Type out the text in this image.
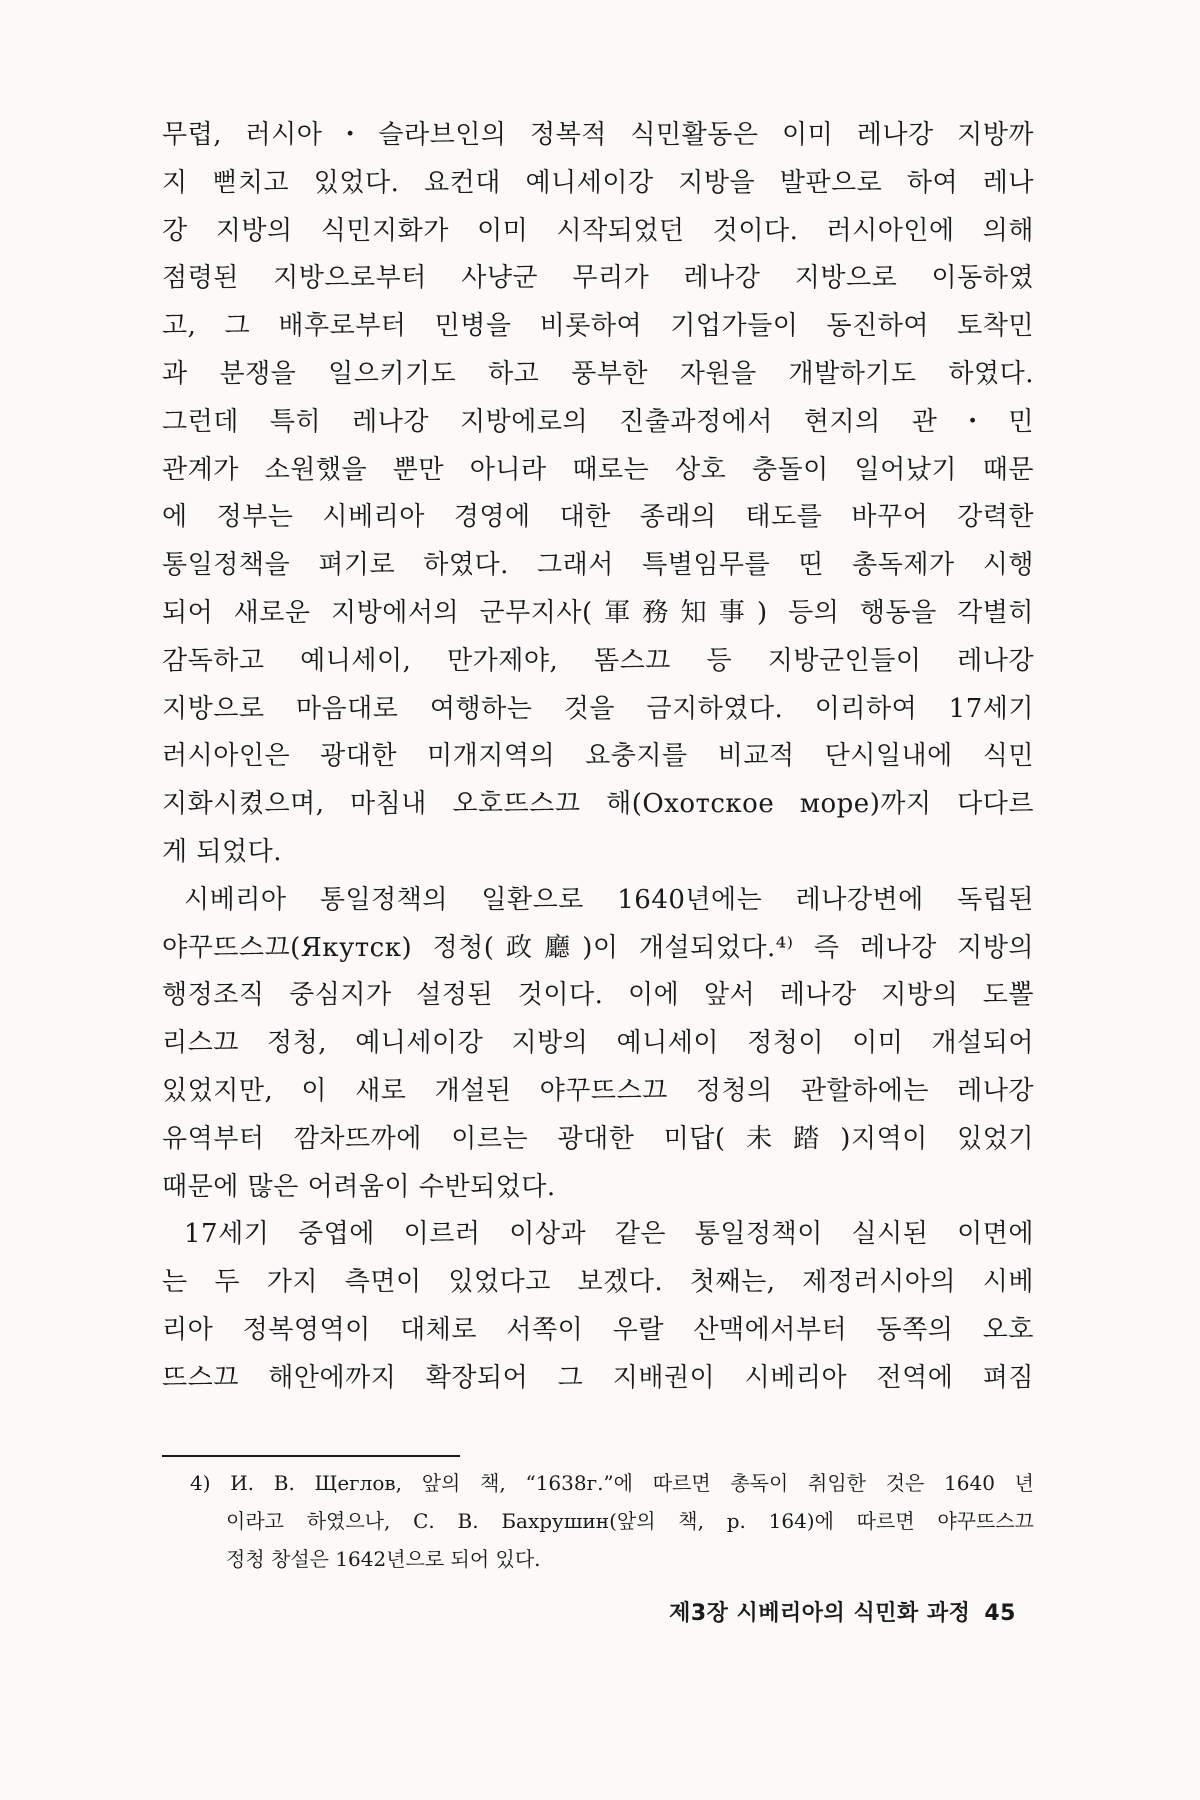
무렵, 러시아・슬라브인의 정복적 식민활동은 이미 레나강 지방까
지 뻗치고 있었다. 요컨대 예니세이강 지방을 발판으로 하여 레나
강 지방의 식민지화가 이미 시작되었던 것이다. 러시아인에 의해
점령된 지방으로부터 사냥군 무리가 레나강 지방으로 이동하였
고, 그 배후로부터 민병을 비롯하여 기업가들이 동진하여 토착민
과 분쟁을 일으키기도 하고 풍부한 자원을 개발하기도 하였다.
그런데 특히 레나강 지방에로의 진출과정에서 현지의 관・민
관계가 소원했을 뿐만 아니라 때로는 상호 충돌이 일어났기 때문
에 정부는 시베리아 경영에 대한 종래의 태도를 바꾸어 강력한
통일정책을 펴기로 하였다. 그래서 특별임무를 띤 총독제가 시행
되어 새로운 지방에서의 군무지사(軍務知事) 등의 행동을 각별히
감독하고 예니세이, 만가제야, 똠스끄 등 지방군인들이 레나강
지방으로 마음대로 여행하는 것을 금지하였다. 이리하여 17세기
러시아인은 광대한 미개지역의 요충지를 비교적 단시일내에 식민
지화시켰으며, 마침내 오호뜨스끄 해(Охотское море)까지 다다르
게 되었다.
시베리아 통일정책의 일환으로 1640년에는 레나강변에 독립된
야꾸뜨스끄(Якутск) 정청(政廳)이 개설되었다.⁴⁾ 즉 레나강 지방의
행정조직 중심지가 설정된 것이다. 이에 앞서 레나강 지방의 도뽈
리스끄 정청, 예니세이강 지방의 예니세이 정청이 이미 개설되어
있었지만, 이 새로 개설된 야꾸뜨스끄 정청의 관할하에는 레나강
유역부터 깜차뜨까에 이르는 광대한 미답(未踏)지역이 있었기
때문에 많은 어려움이 수반되었다.
17세기 중엽에 이르러 이상과 같은 통일정책이 실시된 이면에
는 두 가지 측면이 있었다고 보겠다. 첫째는, 제정러시아의 시베
리아 정복영역이 대체로 서쪽이 우랄 산맥에서부터 동쪽의 오호
뜨스끄 해안에까지 확장되어 그 지배권이 시베리아 전역에 펴짐
4) И. В. Щеглов, 앞의 책, “1638г.”에 따르면 총독이 취임한 것은 1640 년
이라고 하였으나, С. В. Бахрушин(앞의 책, p. 164)에 따르면 야꾸뜨스끄
정청 창설은 1642년으로 되어 있다.
제3장 시베리아의 식민화 과정 45
